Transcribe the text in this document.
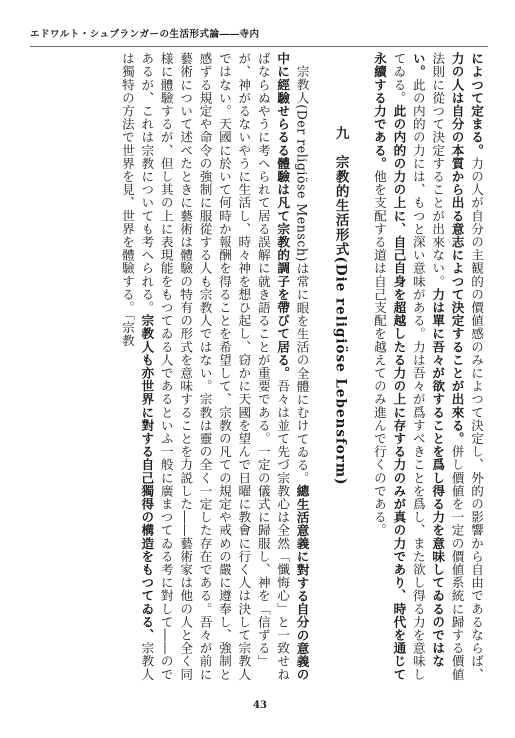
エドワルト・シュプランガーの生活形式論――寺内

によつて定まる。力の人が自分の主観的の價値感のみによつて決定し、外的の影響から自由であるならば、力の人は自分の本質から出る意志によつて決定することが出來る。併し價値を一定の價値系統に歸する價値法則に從つて決定することが出來ない。力は單に吾々が欲することを爲し得る力を意味してゐるのではない。此の内的の力には、もつと深い意味がある。力は吾々が爲すべきことを爲し、また欲し得る力を意味してゐる。此の内的の力の上に、自己自身を超越したる力の上に存する力のみが真の力であり、時代を通じて永續する力である。他を支配する道は自己支配を越えてのみ進んで行くのである。

九　宗教的生活形式(Die religiöse Lebensform)

宗教人(Der religiöse Mensch)は常に眼を生活の全體にむけてゐる。總生活意義に對する自分の意義の中に經驗せらるる體驗は凡て宗教的調子を帶びて居る。吾々は並て先づ宗教心は全然「懺悔心」と一致せねばならぬやうに考へられて居る誤解に就き語ることが重要である。一定の儀式に歸服し、神を「信ずる」が、神がるないやうに生活し、時々神を想ひ起し、窃かに天國を望んで日曜に教會に行く人は決して宗教人ではない。天國に於いて何時か報酬を得ることを希望して、宗教の凡ての規定や戒めの嚴に遵奉し、強制と感ずる規定や命令の強制に服從する人も宗教人ではない。宗教は靈の全く一定した存在である。吾々が前に藝術について述べたときに藝術は體驗の特有の形式を意味することを力説した――藝術家は他の人と全く同様に體驗するが、但し其の上に表現能をもつてゐる人であるといふ一般に廣まつてゐる考に對して――のであるが、これは宗教についても考へられる。宗教人も亦世界に對する自己獨得の構造をもつてゐる、宗教人は獨特の方法で世界を見、世界を體驗する。「宗教

43
